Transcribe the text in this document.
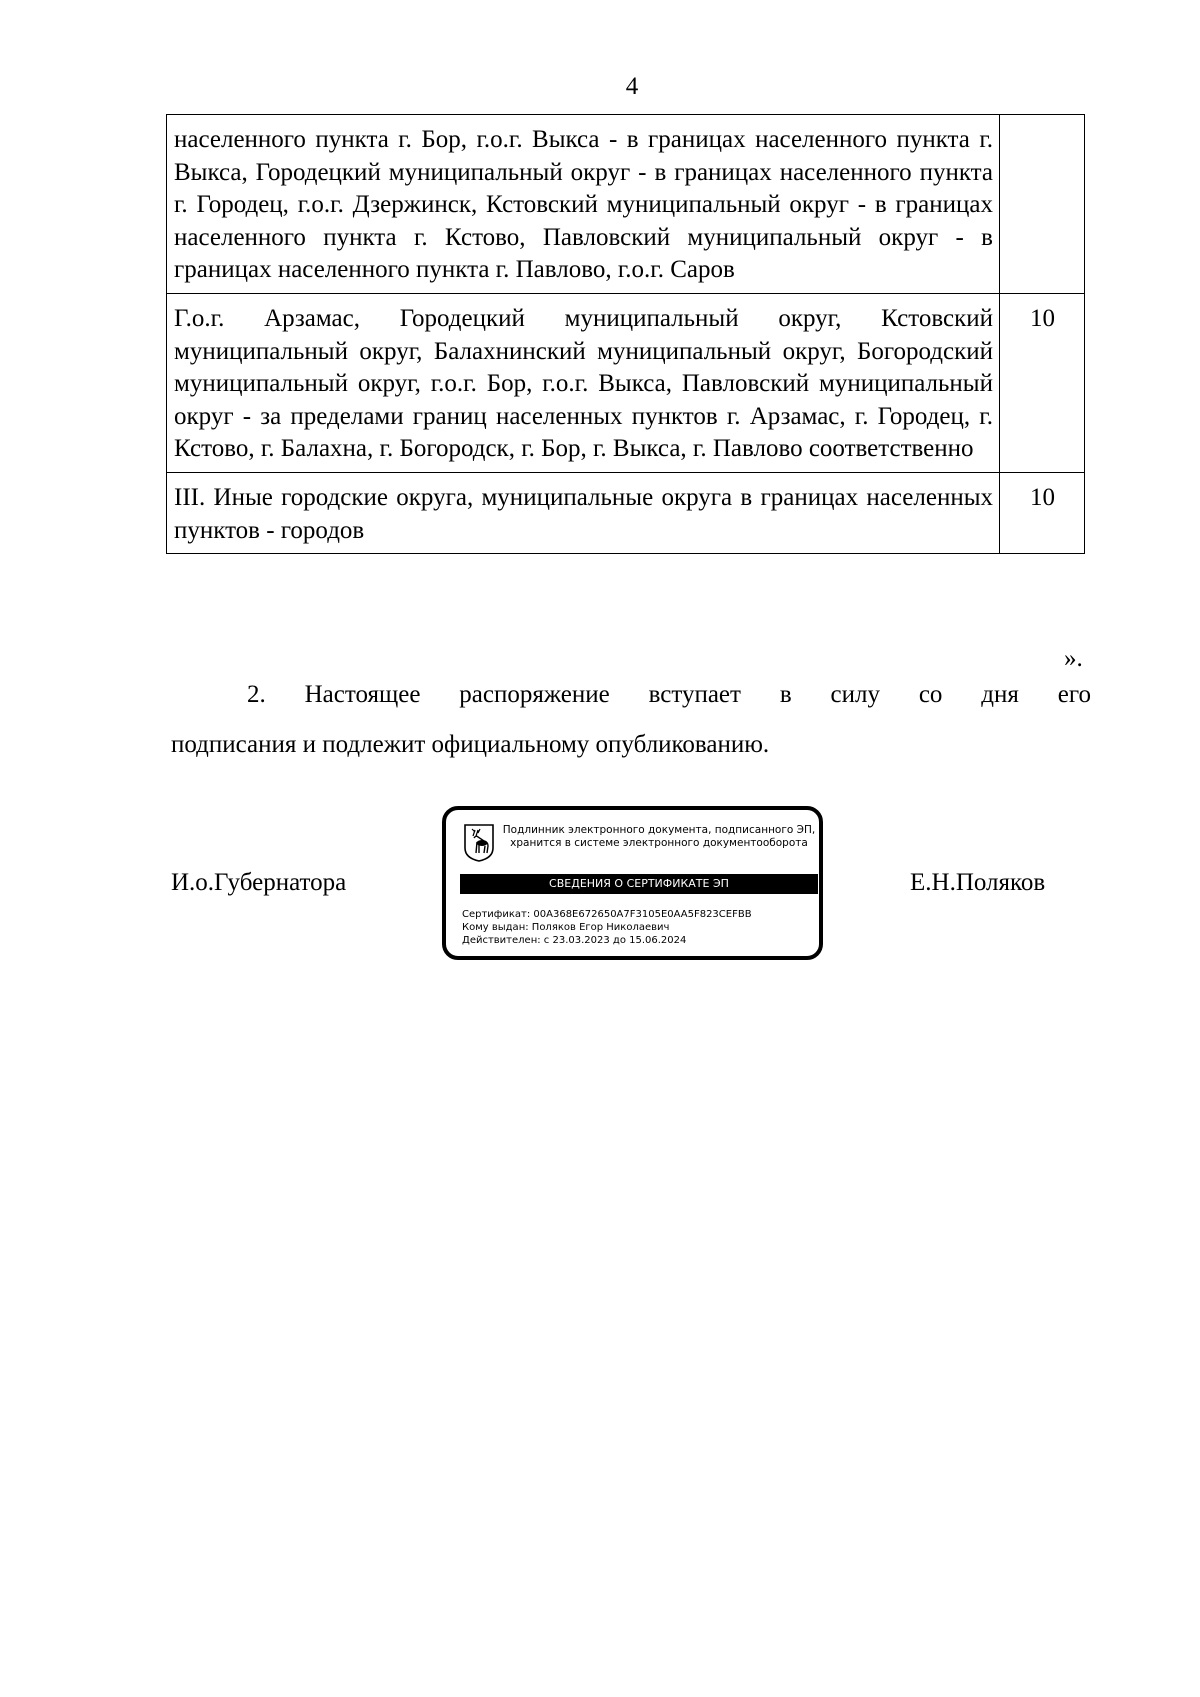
4
населенного пункта г. Бор, г.о.г. Выкса - в границах населенного пункта г. Выкса, Городецкий муниципальный округ - в границах населенного пункта г. Городец, г.о.г. Дзержинск, Кстовский муниципальный округ - в границах населенного пункта г. Кстово, Павловский муниципальный округ - в границах населенного пункта г. Павлово, г.о.г. Саров	
Г.о.г. Арзамас, Городецкий муниципальный округ, Кстовский муниципальный округ, Балахнинский муниципальный округ, Богородский муниципальный округ, г.о.г. Бор, г.о.г. Выкса, Павловский муниципальный округ - за пределами границ населенных пунктов г. Арзамас, г. Городец, г. Кстово, г. Балахна, г. Богородск, г. Бор, г. Выкса, г. Павлово соответственно	10
III. Иные городские округа, муниципальные округа в границах населенных пунктов - городов	10
».
2. Настоящее распоряжение вступает в силу со дня его
подписания и подлежит официальному опубликованию.
И.о.Губернатора
Подлинник электронного документа, подписанного ЭП,
хранится в системе электронного документооборота
СВЕДЕНИЯ О СЕРТИФИКАТЕ ЭП
Сертификат: 00A368E672650A7F3105E0AA5F823CEFBB
Кому выдан: Поляков Егор Николаевич
Действителен: с 23.03.2023 до 15.06.2024
Е.Н.Поляков
